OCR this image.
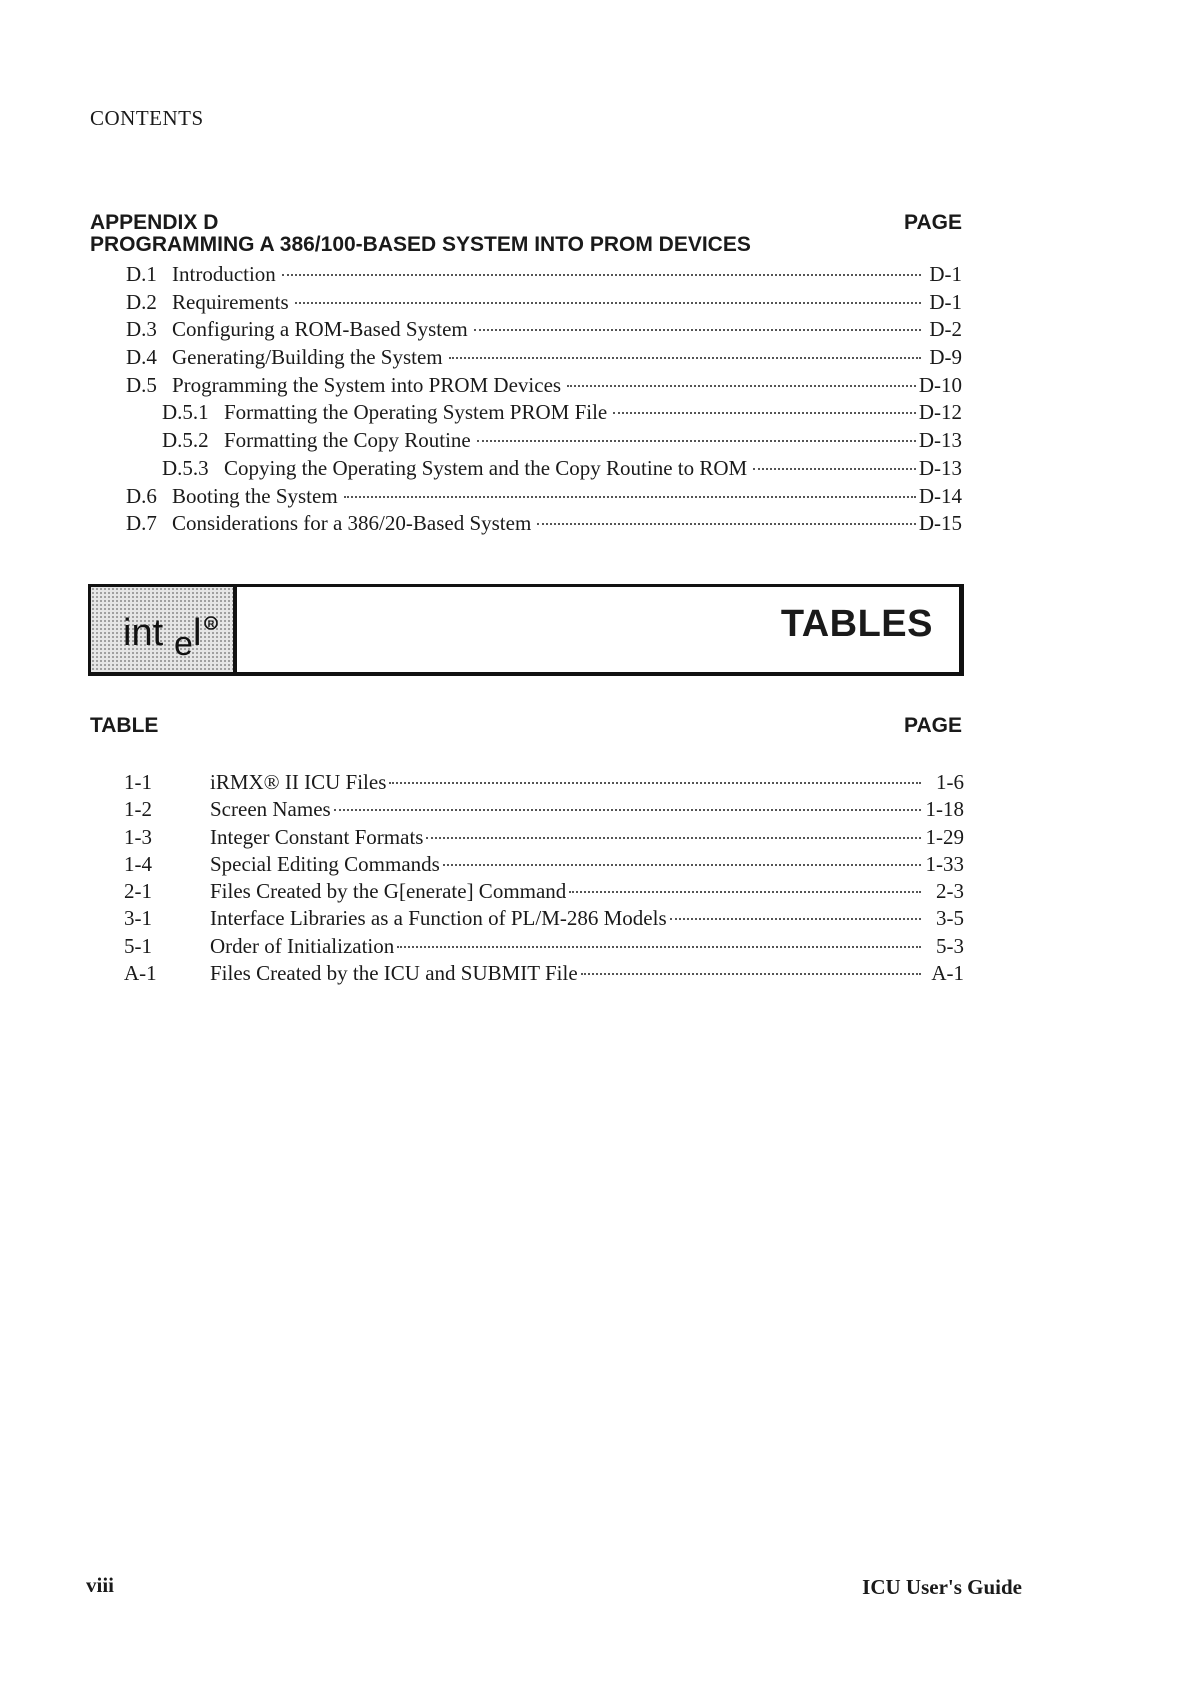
CONTENTS
APPENDIX D	PAGE
PROGRAMMING A 386/100-BASED SYSTEM INTO PROM DEVICES
D.1 Introduction	D-1
D.2 Requirements	D-1
D.3 Configuring a ROM-Based System	D-2
D.4 Generating/Building the System	D-9
D.5 Programming the System into PROM Devices	D-10
D.5.1 Formatting the Operating System PROM File	D-12
D.5.2 Formatting the Copy Routine	D-13
D.5.3 Copying the Operating System and the Copy Routine to ROM	D-13
D.6 Booting the System	D-14
D.7 Considerations for a 386/20-Based System	D-15
int e l R	TABLES
TABLE	PAGE
1-1	iRMX® II ICU Files	1-6
1-2	Screen Names	1-18
1-3	Integer Constant Formats	1-29
1-4	Special Editing Commands	1-33
2-1	Files Created by the G[enerate] Command	2-3
3-1	Interface Libraries as a Function of PL/M-286 Models	3-5
5-1	Order of Initialization	5-3
A-1	Files Created by the ICU and SUBMIT File	A-1
viii	ICU User's Guide
